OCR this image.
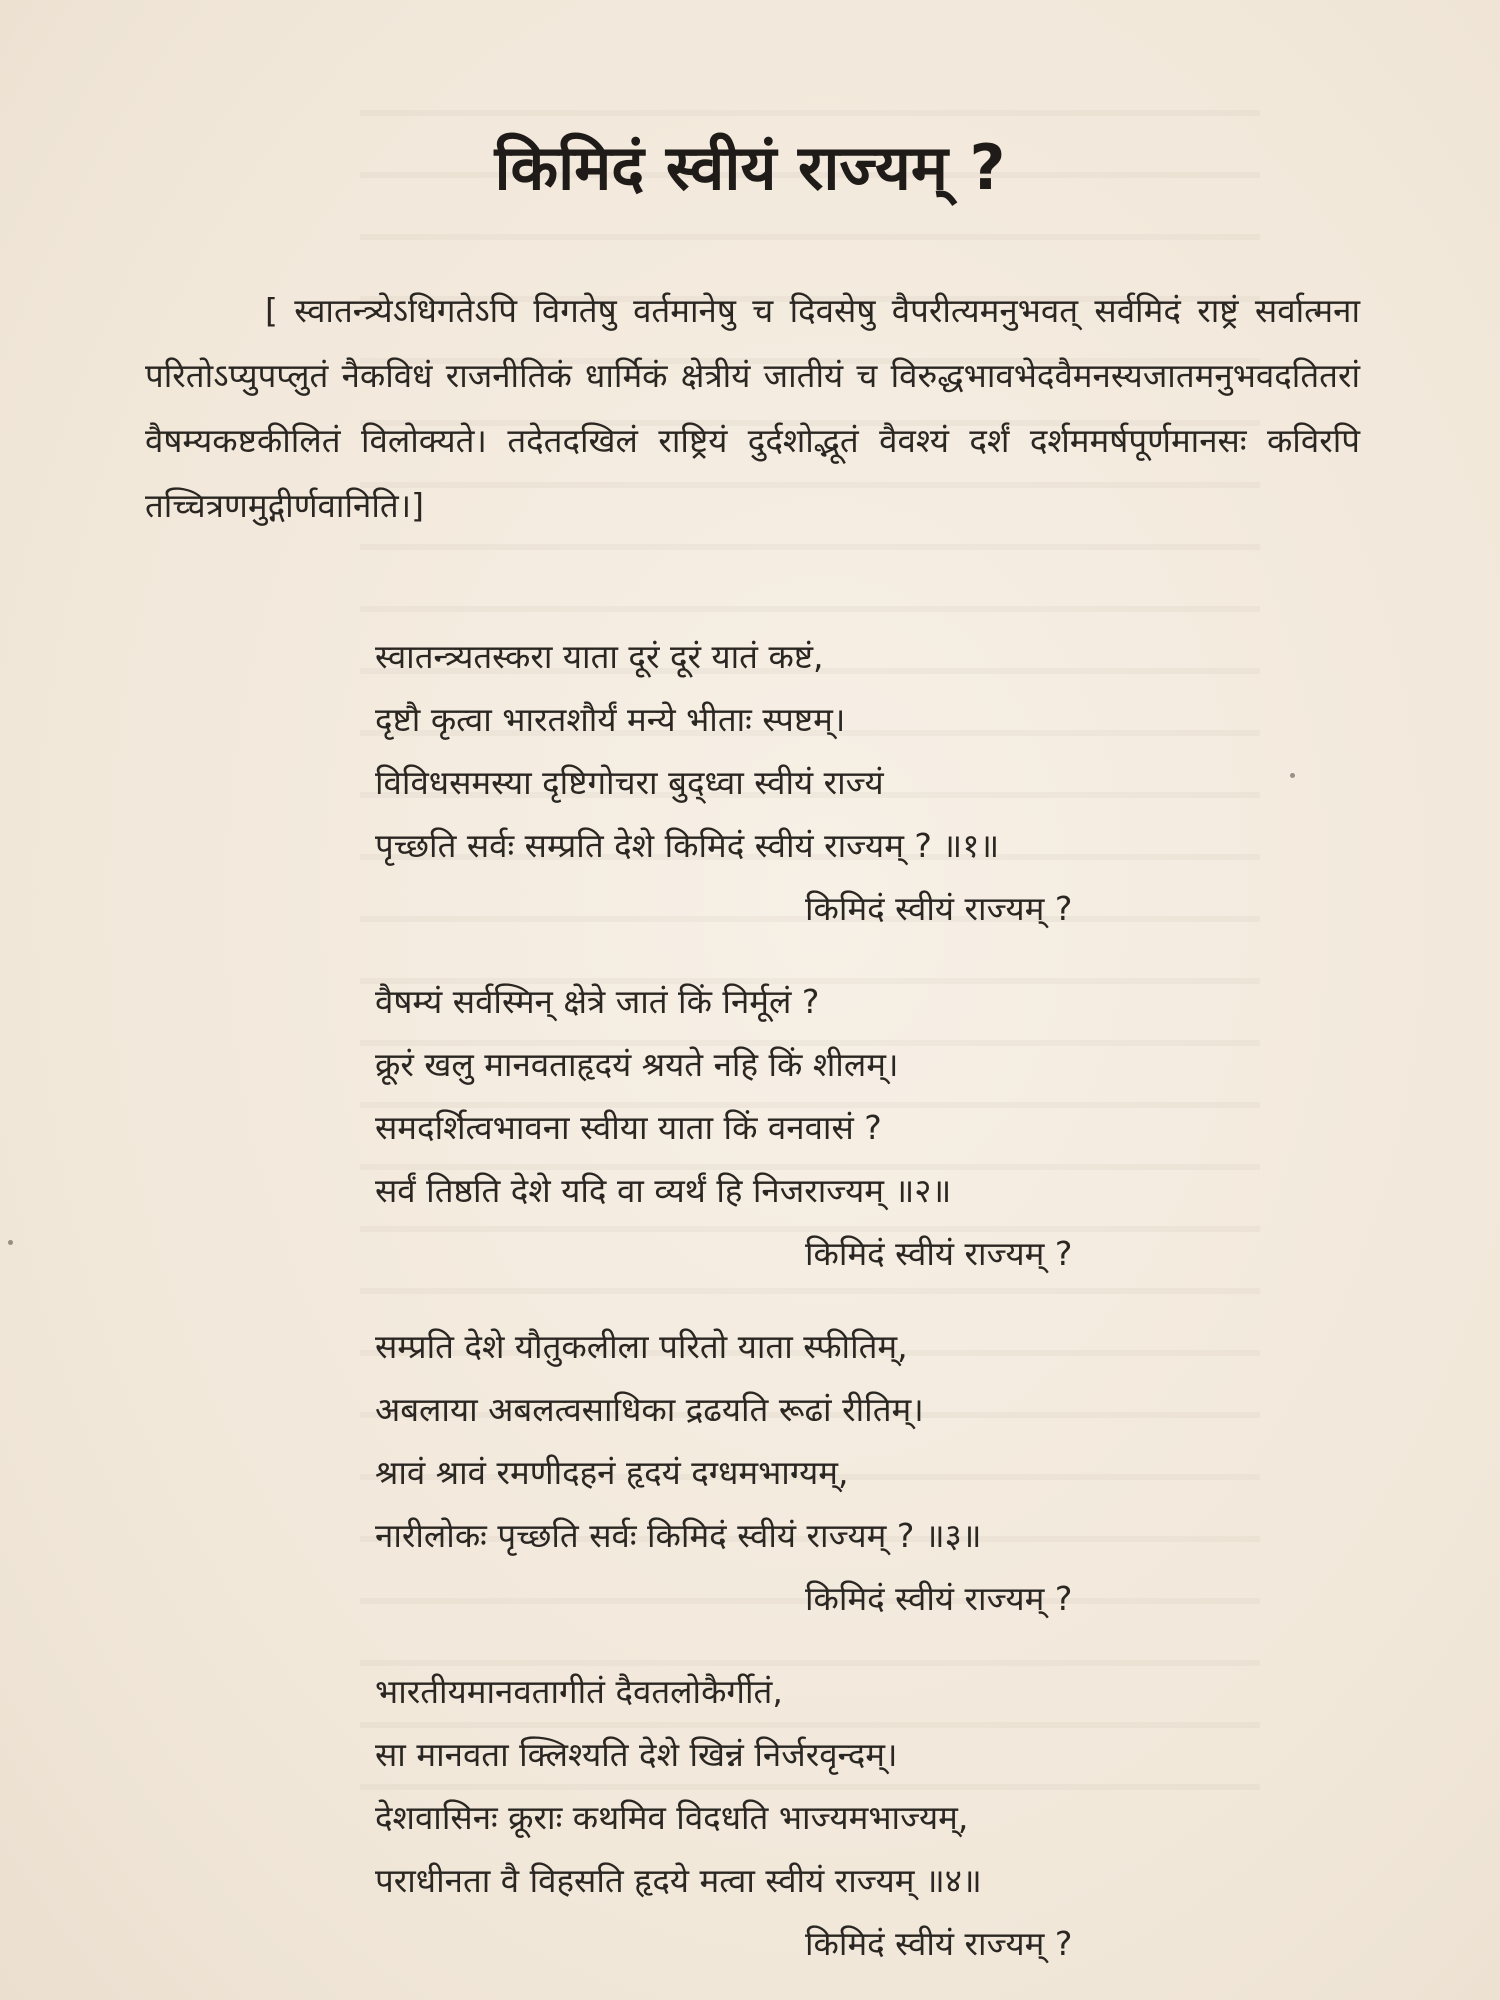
किमिदं स्वीयं राज्यम् ?

[ स्वातन्त्र्येऽधिगतेऽपि विगतेषु वर्तमानेषु च दिवसेषु वैपरीत्यमनुभवत् सर्वमिदं राष्ट्रं सर्वात्मना परितोऽप्युपप्लुतं नैकविधं राजनीतिकं धार्मिकं क्षेत्रीयं जातीयं च विरुद्धभावभेदवैमनस्यजातमनुभवदतितरां वैषम्यकष्टकीलितं विलोक्यते। तदेतदखिलं राष्ट्रियं दुर्दशोद्भूतं वैवश्यं दर्शं दर्शममर्षपूर्णमानसः कविरपि तच्चित्रणमुद्गीर्णवानिति।]

स्वातन्त्र्यतस्करा याता दूरं दूरं यातं कष्टं,
दृष्टौ कृत्वा भारतशौर्यं मन्ये भीताः स्पष्टम्।
विविधसमस्या दृष्टिगोचरा बुद्ध्वा स्वीयं राज्यं
पृच्छति सर्वः सम्प्रति देशे किमिदं स्वीयं राज्यम् ? ॥१॥
किमिदं स्वीयं राज्यम् ?
वैषम्यं सर्वस्मिन् क्षेत्रे जातं किं निर्मूलं ?
क्रूरं खलु मानवताहृदयं श्रयते नहि किं शीलम्।
समदर्शित्वभावना स्वीया याता किं वनवासं ?
सर्वं तिष्ठति देशे यदि वा व्यर्थं हि निजराज्यम् ॥२॥
किमिदं स्वीयं राज्यम् ?
सम्प्रति देशे यौतुकलीला परितो याता स्फीतिम्,
अबलाया अबलत्वसाधिका द्रढयति रूढां रीतिम्।
श्रावं श्रावं रमणीदहनं हृदयं दग्धमभाग्यम्,
नारीलोकः पृच्छति सर्वः किमिदं स्वीयं राज्यम् ? ॥३॥
किमिदं स्वीयं राज्यम् ?
भारतीयमानवतागीतं दैवतलोकैर्गीतं,
सा मानवता क्लिश्यति देशे खिन्नं निर्जरवृन्दम्।
देशवासिनः क्रूराः कथमिव विदधति भाज्यमभाज्यम्,
पराधीनता वै विहसति हृदये मत्वा स्वीयं राज्यम् ॥४॥
किमिदं स्वीयं राज्यम् ?
